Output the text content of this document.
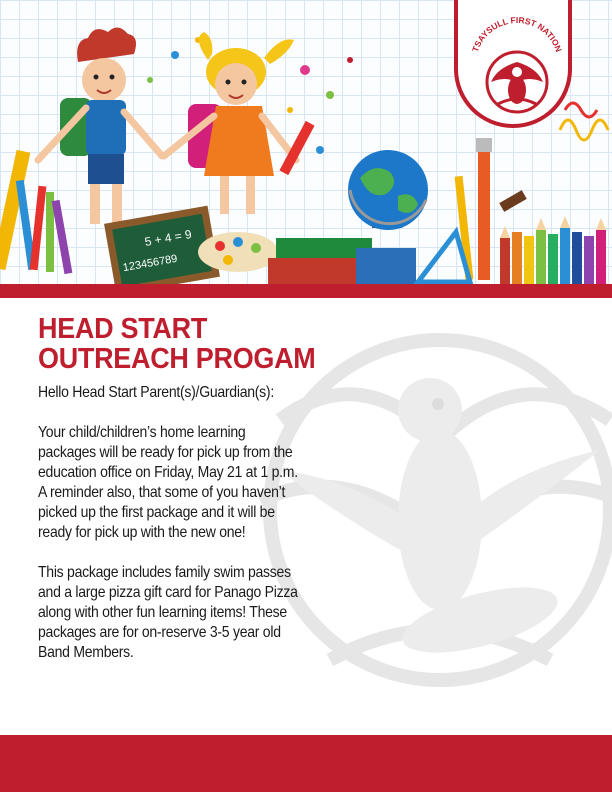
5 + 4 = 9
123456789
TSAYSULL FIRST NATION
HEAD START
OUTREACH PROGAM

Hello Head Start Parent(s)/Guardian(s):

Your child/children’s home learning
packages will be ready for pick up from the
education office on Friday, May 21 at 1 p.m.
A reminder also, that some of you haven’t
picked up the first package and it will be
ready for pick up with the new one!

This package includes family swim passes
and a large pizza gift card for Panago Pizza
along with other fun learning items! These
packages are for on-reserve 3-5 year old
Band Members.
